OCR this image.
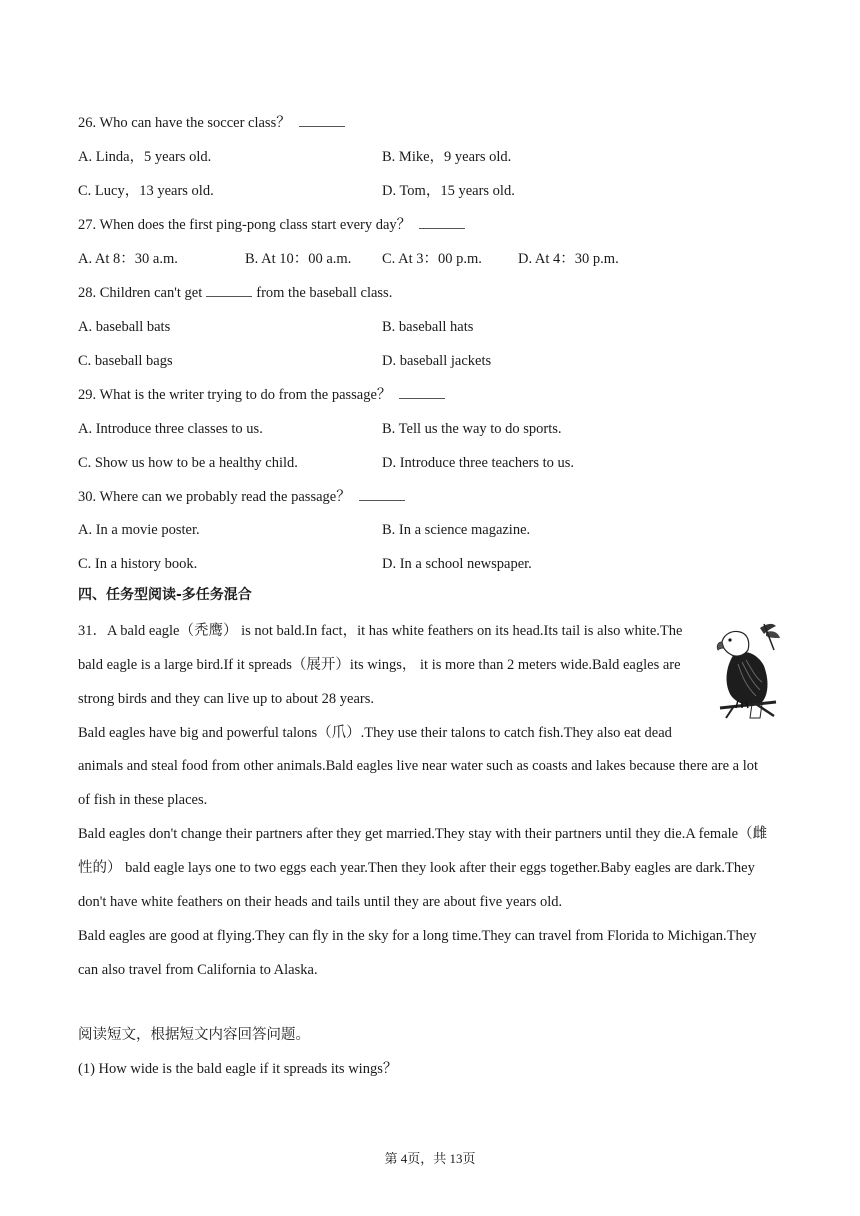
26. Who can have the soccer class？
A. Linda，5 years old.	B. Mike，9 years old.
C. Lucy，13 years old.	D. Tom，15 years old.
27. When does the first ping-pong class start every day？
A. At 8：30 a.m.	B. At 10：00 a.m. C. At 3：00 p.m. D. At 4：30 p.m.
28. Children can't get	from the baseball class.
A. baseball bats	B. baseball hats
C. baseball bags	D. baseball jackets
29. What is the writer trying to do from the passage？
A. Introduce three classes to us.	B. Tell us the way to do sports.
C. Show us how to be a healthy child.	D. Introduce three teachers to us.
30. Where can we probably read the passage？
A. In a movie poster.	B. In a science magazine.
C. In a history book.	D. In a school newspaper.
四、任务型阅读-多任务混合
31．A bald eagle（秃鹰） is not bald.In fact，it has white feathers on its head.Its tail is also white.The
bald eagle is a large bird.If it spreads（展开）its wings， it is more than 2 meters wide.Bald eagles are
strong birds and they can live up to about 28 years.
Bald eagles have big and powerful talons（爪）.They use their talons to catch fish.They also eat dead
animals and steal food from other animals.Bald eagles live near water such as coasts and lakes because there are a lot
of fish in these places.
Bald eagles don't change their partners after they get married.They stay with their partners until they die.A female（雌
性的） bald eagle lays one to two eggs each year.Then they look after their eggs together.Baby eagles are dark.They
don't have white feathers on their heads and tails until they are about five years old.
Bald eagles are good at flying.They can fly in the sky for a long time.They can travel from Florida to Michigan.They
can also travel from California to Alaska.
阅读短文，根据短文内容回答问题。
(1) How wide is the bald eagle if it spreads its wings？
第 4页，共 13页
